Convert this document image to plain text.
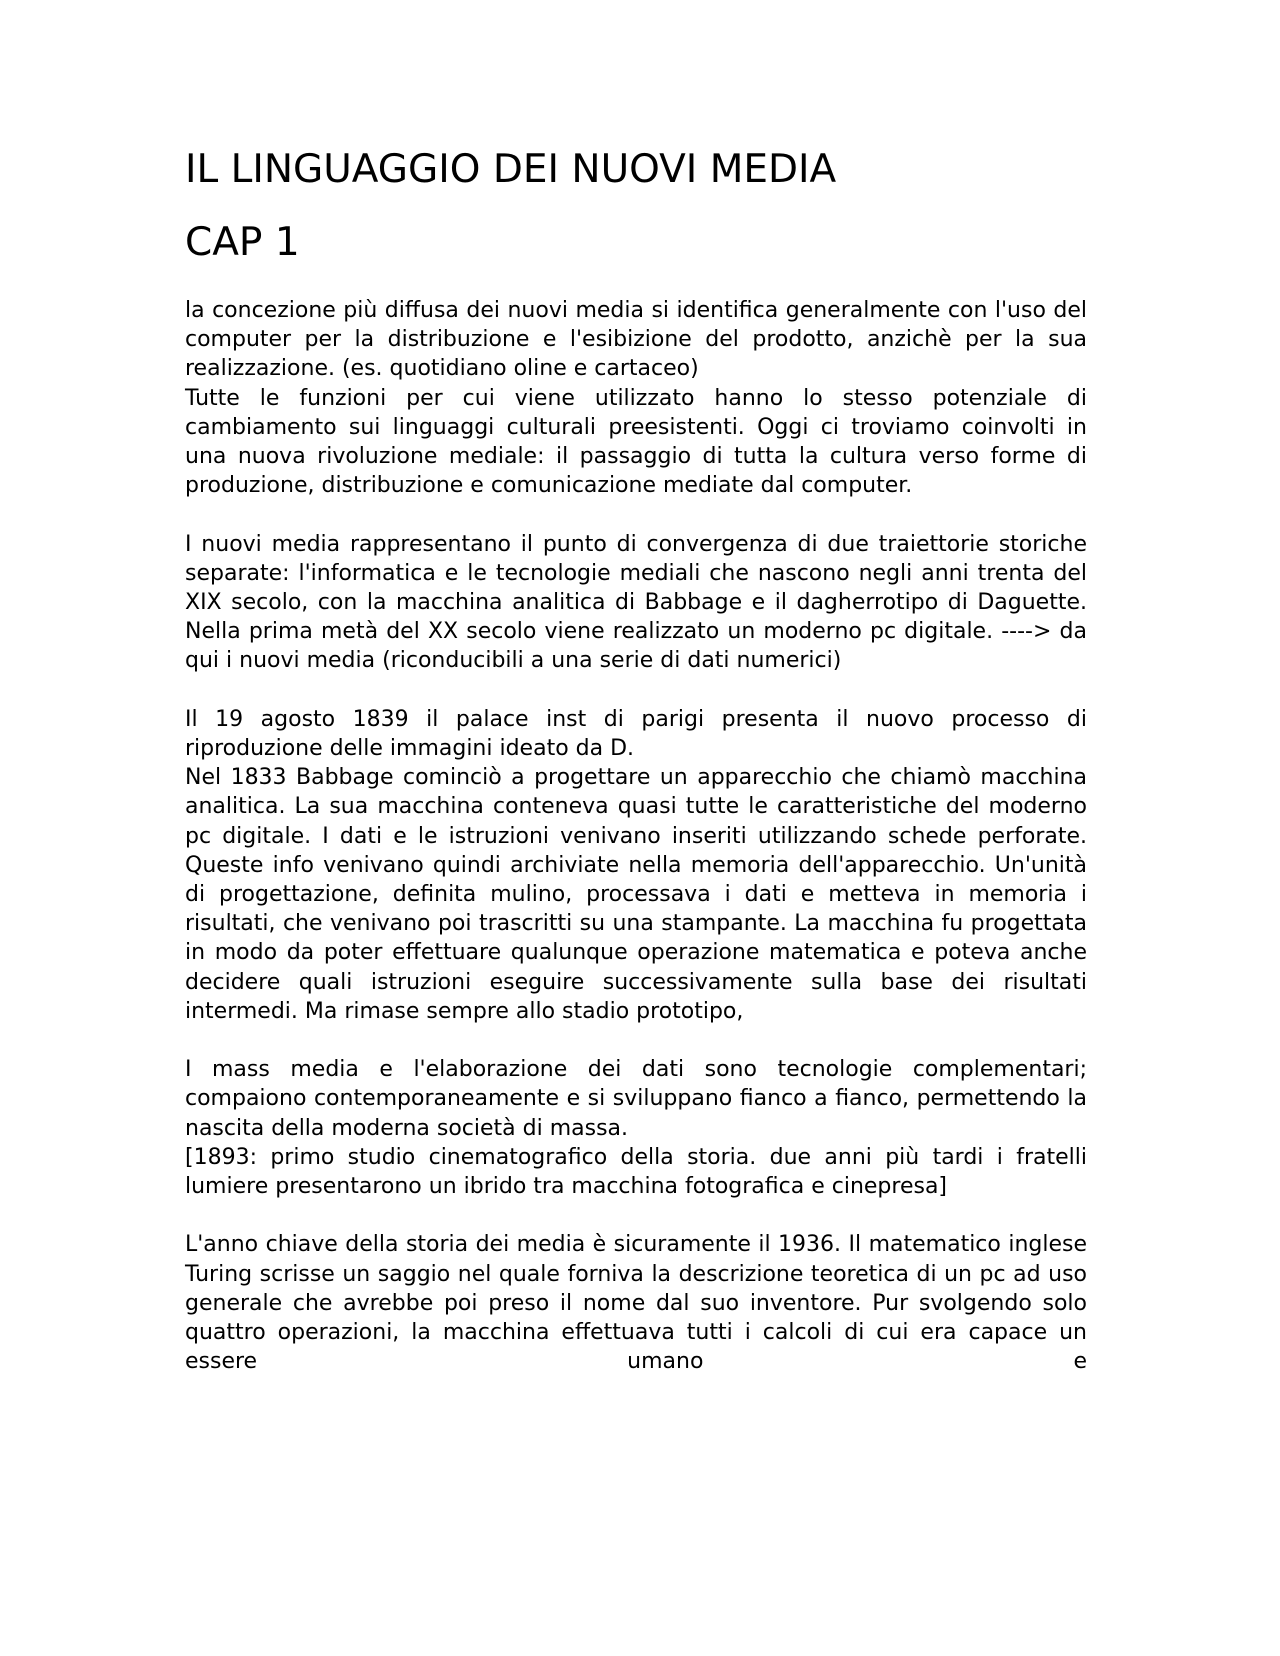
IL LINGUAGGIO DEI NUOVI MEDIA
CAP 1

la concezione più diffusa dei nuovi media si identifica generalmente con l'uso del computer per la distribuzione e l'esibizione del prodotto, anzichè per la sua realizzazione. (es. quotidiano oline e cartaceo)

Tutte le funzioni per cui viene utilizzato hanno lo stesso potenziale di cambiamento sui linguaggi culturali preesistenti. Oggi ci troviamo coinvolti in una nuova rivoluzione mediale: il passaggio di tutta la cultura verso forme di produzione, distribuzione e comunicazione mediate dal computer.

I nuovi media rappresentano il punto di convergenza di due traiettorie storiche separate: l'informatica e le tecnologie mediali che nascono negli anni trenta del XIX secolo, con la macchina analitica di Babbage e il dagherrotipo di Daguette. Nella prima metà del XX secolo viene realizzato un moderno pc digitale. ----> da qui i nuovi media (riconducibili a una serie di dati numerici)

Il 19 agosto 1839 il palace inst di parigi presenta il nuovo processo di riproduzione delle immagini ideato da D.

Nel 1833 Babbage cominciò a progettare un apparecchio che chiamò macchina analitica. La sua macchina conteneva quasi tutte le caratteristiche del moderno pc digitale. I dati e le istruzioni venivano inseriti utilizzando schede perforate. Queste info venivano quindi archiviate nella memoria dell'apparecchio. Un'unità di progettazione, definita mulino, processava i dati e metteva in memoria i risultati, che venivano poi trascritti su una stampante. La macchina fu progettata in modo da poter effettuare qualunque operazione matematica e poteva anche decidere quali istruzioni eseguire successivamente sulla base dei risultati intermedi. Ma rimase sempre allo stadio prototipo,

I mass media e l'elaborazione dei dati sono tecnologie complementari; compaiono contemporaneamente e si sviluppano fianco a fianco, permettendo la nascita della moderna società di massa.

[1893: primo studio cinematografico della storia. due anni più tardi i fratelli lumiere presentarono un ibrido tra macchina fotografica e cinepresa]

L'anno chiave della storia dei media è sicuramente il 1936. Il matematico inglese Turing scrisse un saggio nel quale forniva la descrizione teoretica di un pc ad uso generale che avrebbe poi preso il nome dal suo inventore. Pur svolgendo solo quattro operazioni, la macchina effettuava tutti i calcoli di cui era capace un essere umano e
